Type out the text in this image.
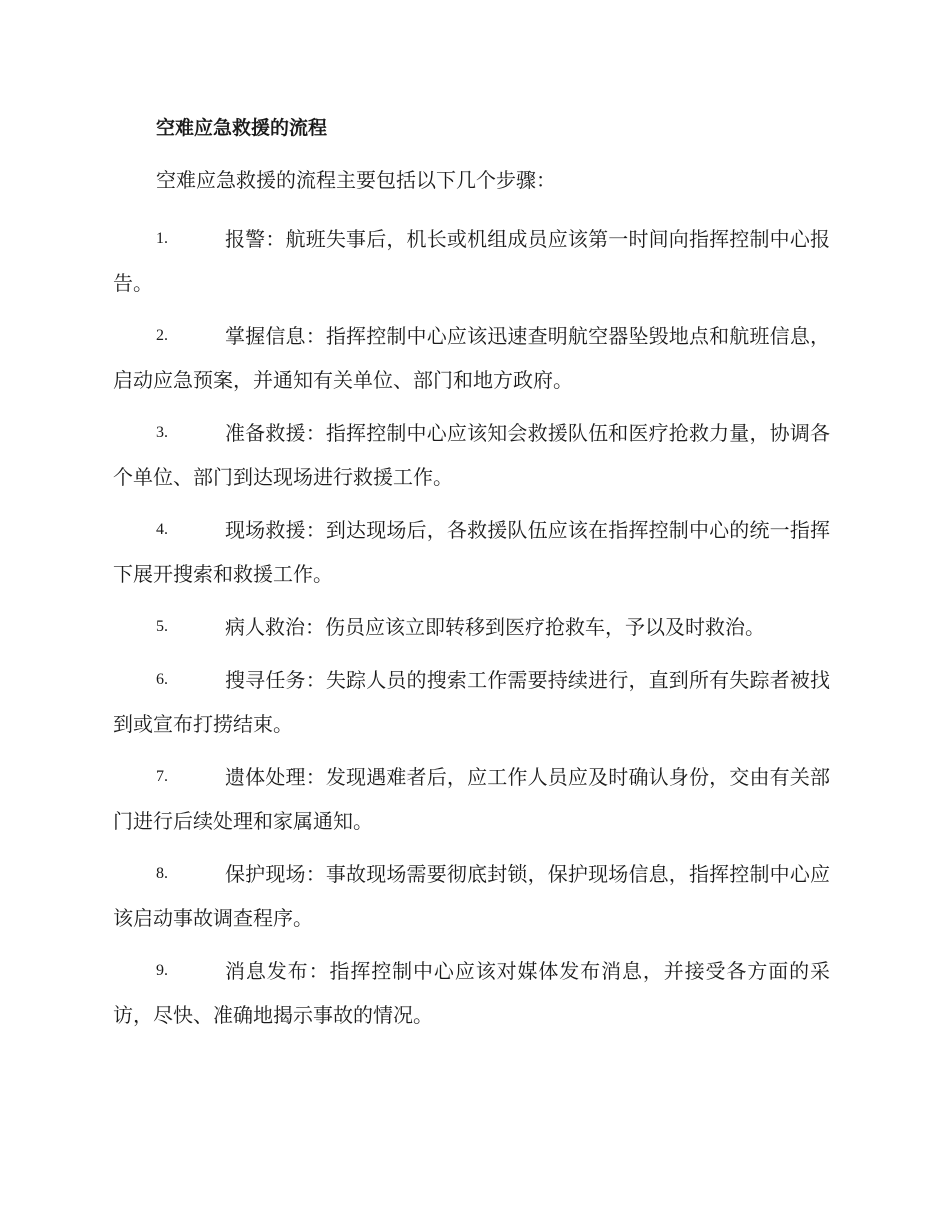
空难应急救援的流程

空难应急救援的流程主要包括以下几个步骤：

1.	报警：航班失事后，机长或机组成员应该第一时间向指挥控制中心报告。
2.	掌握信息：指挥控制中心应该迅速查明航空器坠毁地点和航班信息，启动应急预案，并通知有关单位、部门和地方政府。
3.	准备救援：指挥控制中心应该知会救援队伍和医疗抢救力量，协调各个单位、部门到达现场进行救援工作。
4.	现场救援：到达现场后，各救援队伍应该在指挥控制中心的统一指挥下展开搜索和救援工作。
5.	病人救治：伤员应该立即转移到医疗抢救车，予以及时救治。
6.	搜寻任务：失踪人员的搜索工作需要持续进行，直到所有失踪者被找到或宣布打捞结束。
7.	遗体处理：发现遇难者后，应工作人员应及时确认身份，交由有关部门进行后续处理和家属通知。
8.	保护现场：事故现场需要彻底封锁，保护现场信息，指挥控制中心应该启动事故调查程序。
9.	消息发布：指挥控制中心应该对媒体发布消息，并接受各方面的采访，尽快、准确地揭示事故的情况。
